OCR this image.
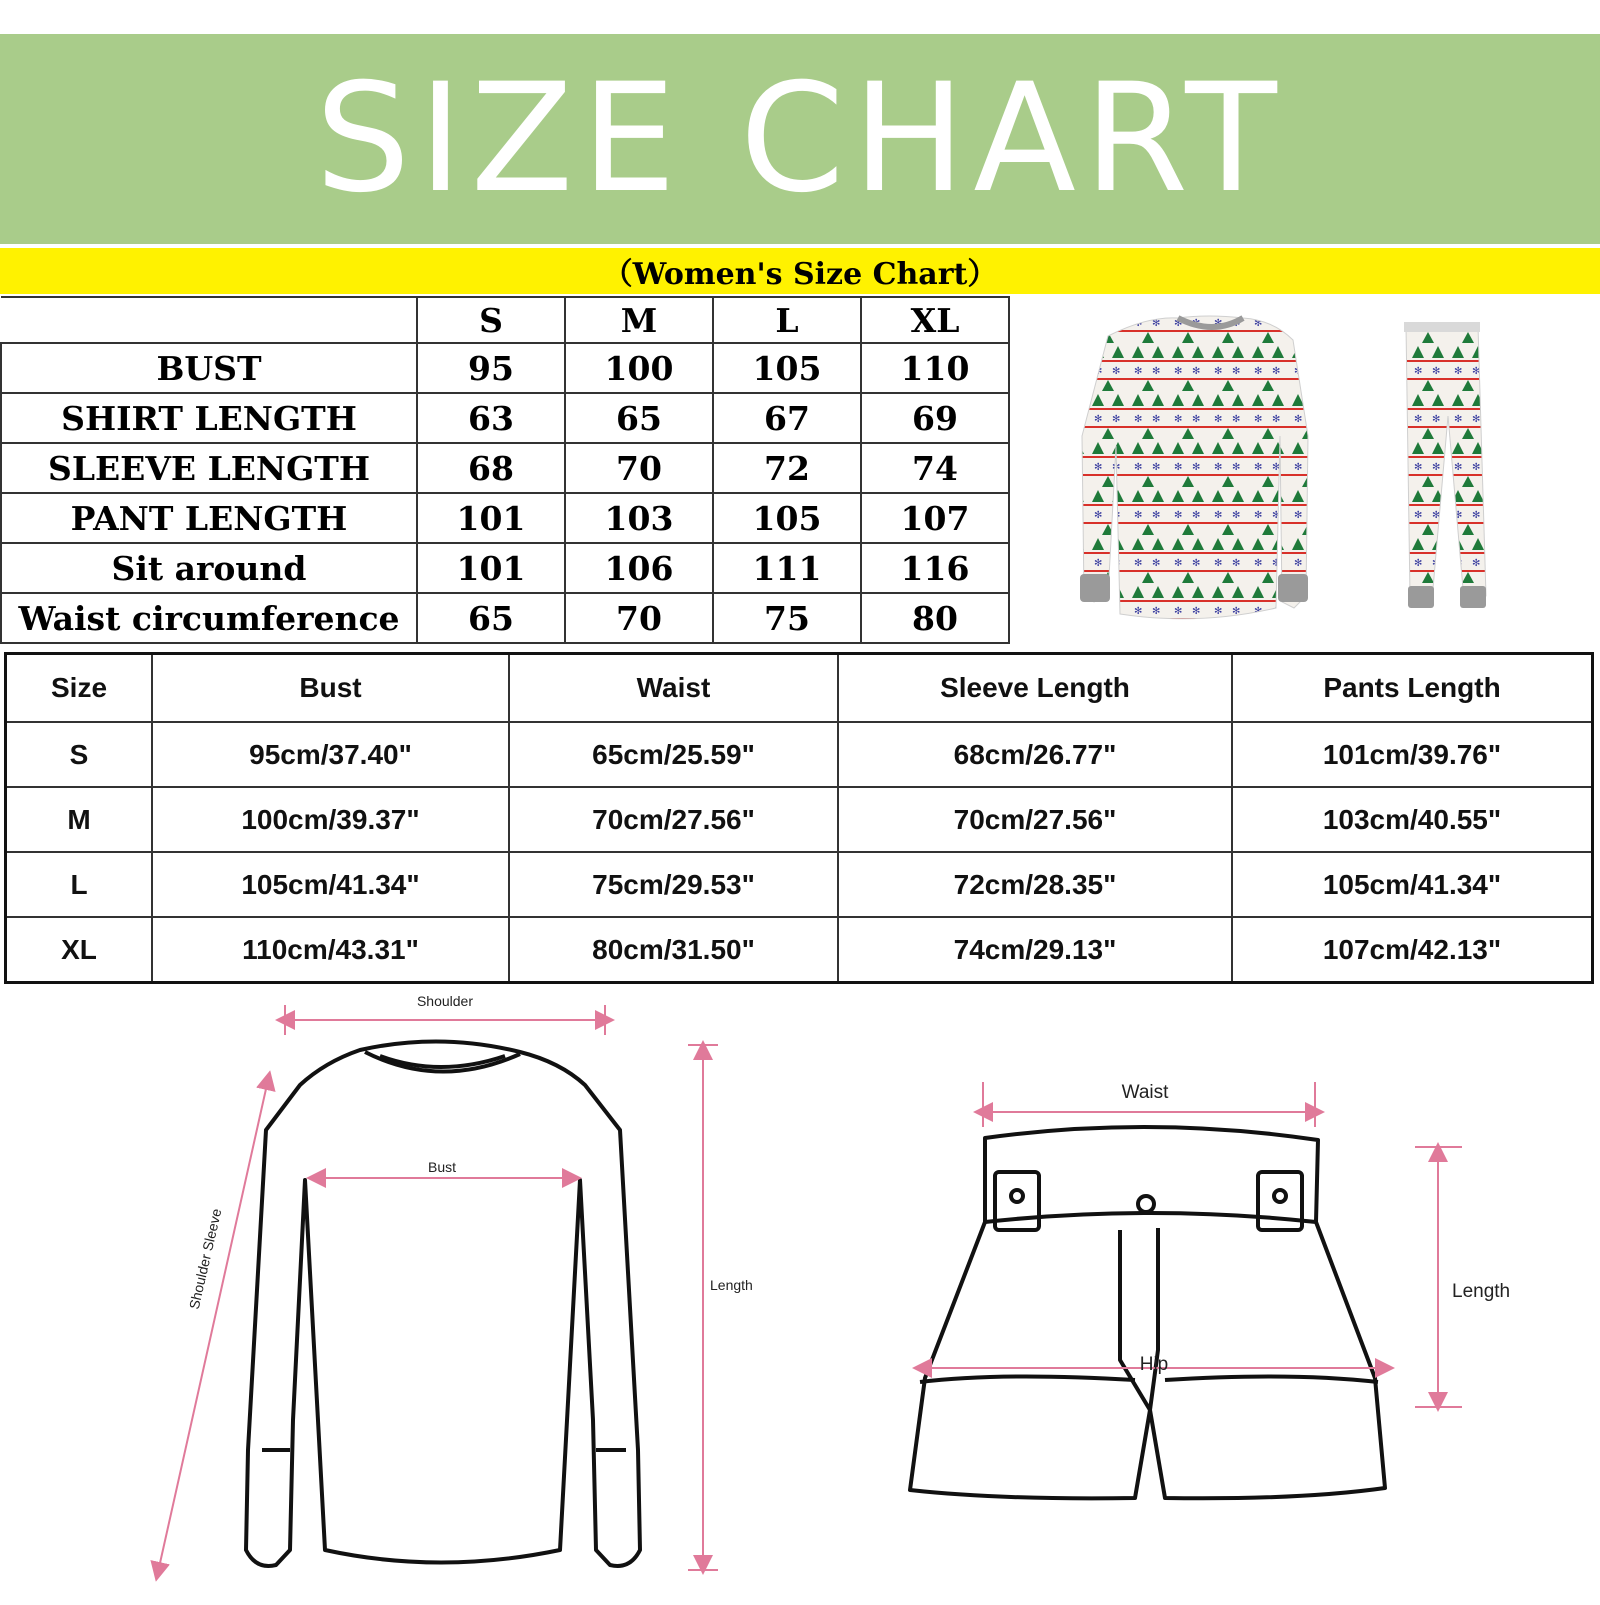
SIZE CHART
（Women's Size Chart）
	S	M	L	XL
BUST	95	100	105	110
SHIRT LENGTH	63	65	67	69
SLEEVE LENGTH	68	70	72	74
PANT LENGTH	101	103	105	107
Sit around	101	106	111	116
Waist circumference	65	70	75	80
Size	Bust	Waist	Sleeve Length	Pants Length
S	95cm/37.40"	65cm/25.59"	68cm/26.77"	101cm/39.76"
M	100cm/39.37"	70cm/27.56"	70cm/27.56"	103cm/40.55"
L	105cm/41.34"	75cm/29.53"	72cm/28.35"	105cm/41.34"
XL	110cm/43.31"	80cm/31.50"	74cm/29.13"	107cm/42.13"
Shoulder
Bust
Shoulder Sleeve	Length
Waist
Hip
Length
